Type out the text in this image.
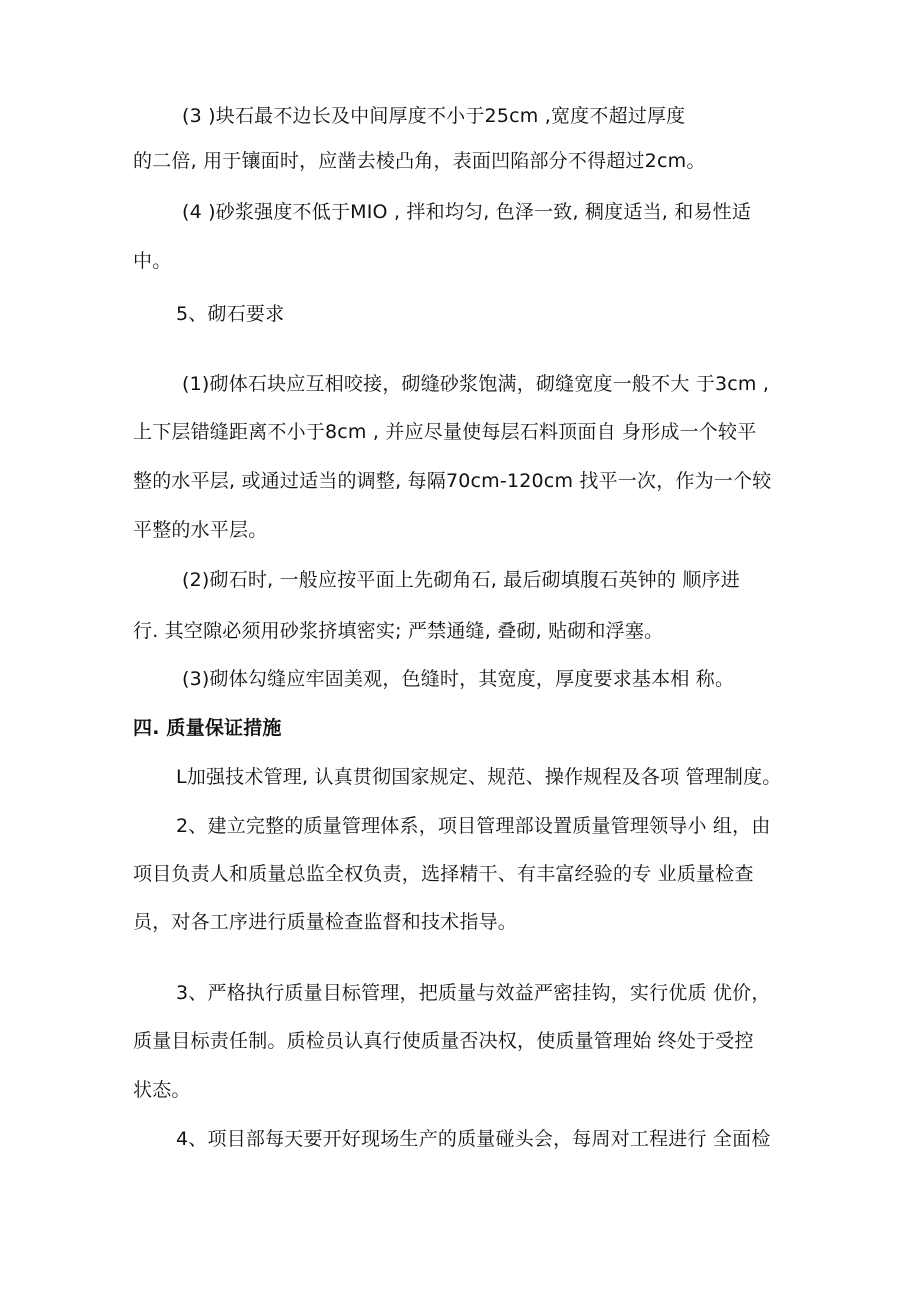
(3 )块石最不边长及中间厚度不小于25cm ,宽度不超过厚度
的二倍, 用于镶面时，应凿去棱凸角，表面凹陷部分不得超过2cm。
(4 )砂浆强度不低于MIO , 拌和均匀, 色泽一致, 稠度适当, 和易性适
中。
5、砌石要求
(1)砌体石块应互相咬接，砌缝砂浆饱满，砌缝宽度一般不大 于3cm ,
上下层错缝距离不小于8cm , 并应尽量使每层石料顶面自 身形成一个较平
整的水平层, 或通过适当的调整, 每隔70cm-120cm 找平一次，作为一个较
平整的水平层。
(2)砌石时, 一般应按平面上先砌角石, 最后砌填腹石英钟的 顺序进
行. 其空隙必须用砂浆挤填密实; 严禁通缝, 叠砌, 贴砌和浮塞。
(3)砌体勾缝应牢固美观，色缝时，其宽度，厚度要求基本相 称。
四. 质量保证措施
L加强技术管理, 认真贯彻国家规定、规范、操作规程及各项 管理制度。
2、建立完整的质量管理体系，项目管理部设置质量管理领导小 组，由
项目负责人和质量总监全权负责，选择精干、有丰富经验的专 业质量检查
员，对各工序进行质量检查监督和技术指导。
3、严格执行质量目标管理，把质量与效益严密挂钩，实行优质 优价，
质量目标责任制。质检员认真行使质量否决权，使质量管理始 终处于受控
状态。
4、项目部每天要开好现场生产的质量碰头会，每周对工程进行 全面检
